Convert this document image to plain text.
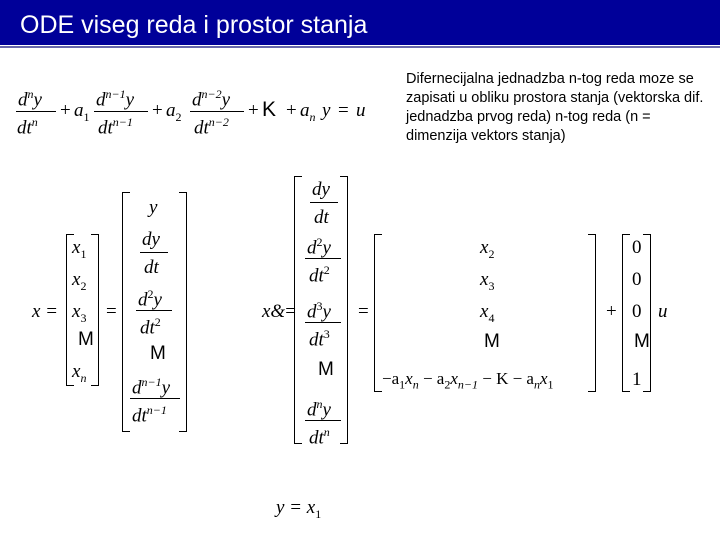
ODE viseg reda i prostor stanja
Difernecijalna jednadzba n-tog reda moze se zapisati u obliku prostora stanja (vektorska dif. jednadzba prvog reda) n-tog reda (n = dimenzija vektors stanja)
$d^ny$
$dt^n$
+ $a_1$
$d^{n-1}y$
$dt^{n-1}$
+ $a_2$
$d^{n-2}y$
$dt^{n-2}$
+ $K + a_n$ y = u
x =
$x_1$
$x_2$
$x_3$
M
$x_n$
=
y
dy
dt
$d^2y$
$dt^2$
M
$d^{n-1}y$
$dt^{n-1}$
x&=
dy
dt
$d^2y$
$dt^2$
$d^3y$
$dt^3$
M
$d^ny$
$dt^n$
=
$x_2$
$x_3$
$x_4$
M
$-a_1x_n - a_2x_{n-1} - K - a_nx_1$
+
0
0
0
M
1
u
$y = x_1$
